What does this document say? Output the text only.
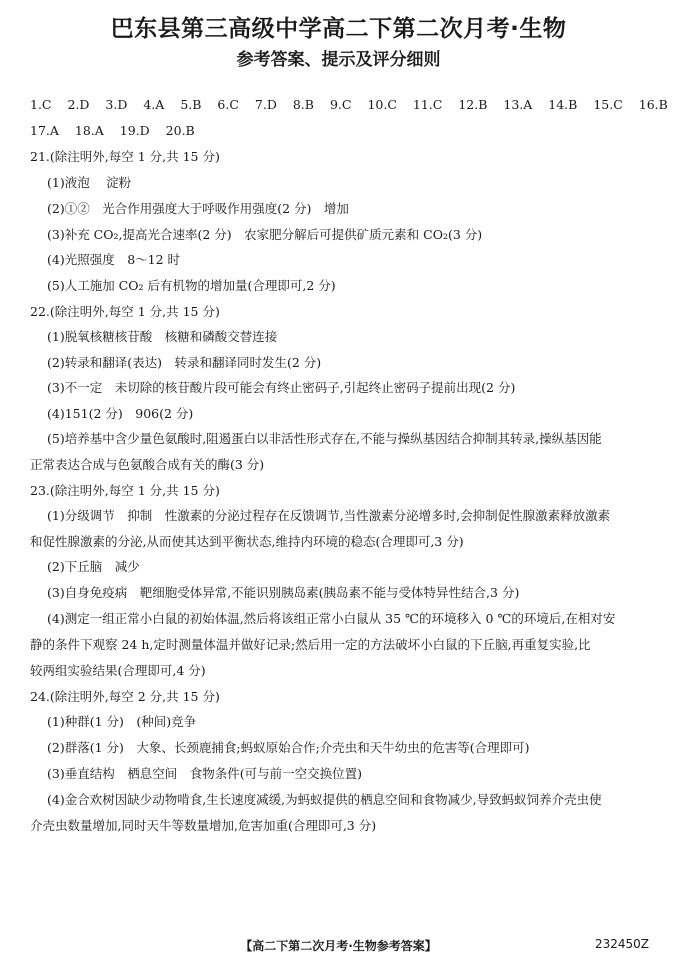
巴东县第三高级中学高二下第二次月考·生物
参考答案、提示及评分细则
1.C 2.D 3.D 4.A 5.B 6.C 7.D 8.B 9.C 10.C 11.C 12.B 13.A 14.B 15.C 16.B
17.A 18.A 19.D 20.B
21.(除注明外,每空 1 分,共 15 分)
(1)液泡　 淀粉
(2)①②　光合作用强度大于呼吸作用强度(2 分)　增加
(3)补充 CO₂,提高光合速率(2 分)　农家肥分解后可提供矿质元素和 CO₂(3 分)
(4)光照强度　8～12 时
(5)人工施加 CO₂ 后有机物的增加量(合理即可,2 分)
22.(除注明外,每空 1 分,共 15 分)
(1)脱氧核糖核苷酸　核糖和磷酸交替连接
(2)转录和翻译(表达)　转录和翻译同时发生(2 分)
(3)不一定　未切除的核苷酸片段可能会有终止密码子,引起终止密码子提前出现(2 分)
(4)151(2 分)　906(2 分)
(5)培养基中含少量色氨酸时,阻遏蛋白以非活性形式存在,不能与操纵基因结合抑制其转录,操纵基因能
正常表达合成与色氨酸合成有关的酶(3 分)
23.(除注明外,每空 1 分,共 15 分)
(1)分级调节　抑制　性激素的分泌过程存在反馈调节,当性激素分泌增多时,会抑制促性腺激素释放激素
和促性腺激素的分泌,从而使其达到平衡状态,维持内环境的稳态(合理即可,3 分)
(2)下丘脑　减少
(3)自身免疫病　靶细胞受体异常,不能识别胰岛素(胰岛素不能与受体特异性结合,3 分)
(4)测定一组正常小白鼠的初始体温,然后将该组正常小白鼠从 35 ℃的环境移入 0 ℃的环境后,在相对安
静的条件下观察 24 h,定时测量体温并做好记录;然后用一定的方法破坏小白鼠的下丘脑,再重复实验,比
较两组实验结果(合理即可,4 分)
24.(除注明外,每空 2 分,共 15 分)
(1)种群(1 分)　(种间)竞争
(2)群落(1 分)　大象、长颈鹿捕食;蚂蚁原始合作;介壳虫和天牛幼虫的危害等(合理即可)
(3)垂直结构　栖息空间　食物条件(可与前一空交换位置)
(4)金合欢树因缺少动物啃食,生长速度减缓,为蚂蚁提供的栖息空间和食物减少,导致蚂蚁饲养介壳虫使
介壳虫数量增加,同时天牛等数量增加,危害加重(合理即可,3 分)
【高二下第二次月考·生物参考答案】	232450Z
